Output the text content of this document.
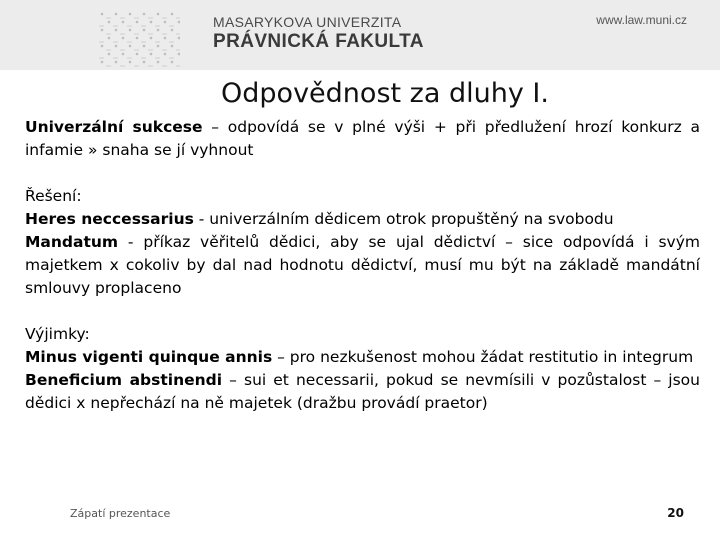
MASARYKOVA UNIVERZITA
PRÁVNICKÁ FAKULTA
www.law.muni.cz
Odpovědnost za dluhy I.

Univerzální sukcese – odpovídá se v plné výši + při předlužení hrozí konkurz a infamie » snaha se jí vyhnout

Řešení:

Heres neccessarius - univerzálním dědicem otrok propuštěný na svobodu

Mandatum - příkaz věřitelů dědici, aby se ujal dědictví – sice odpovídá i svým majetkem x cokoliv by dal nad hodnotu dědictví, musí mu být na základě mandátní smlouvy proplaceno

Výjimky:

Minus vigenti quinque annis – pro nezkušenost mohou žádat restitutio in integrum

Beneficium abstinendi – sui et necessarii, pokud se nevmísili v pozůstalost – jsou dědici x nepřechází na ně majetek (dražbu provádí praetor)

Zápatí prezentace	20
